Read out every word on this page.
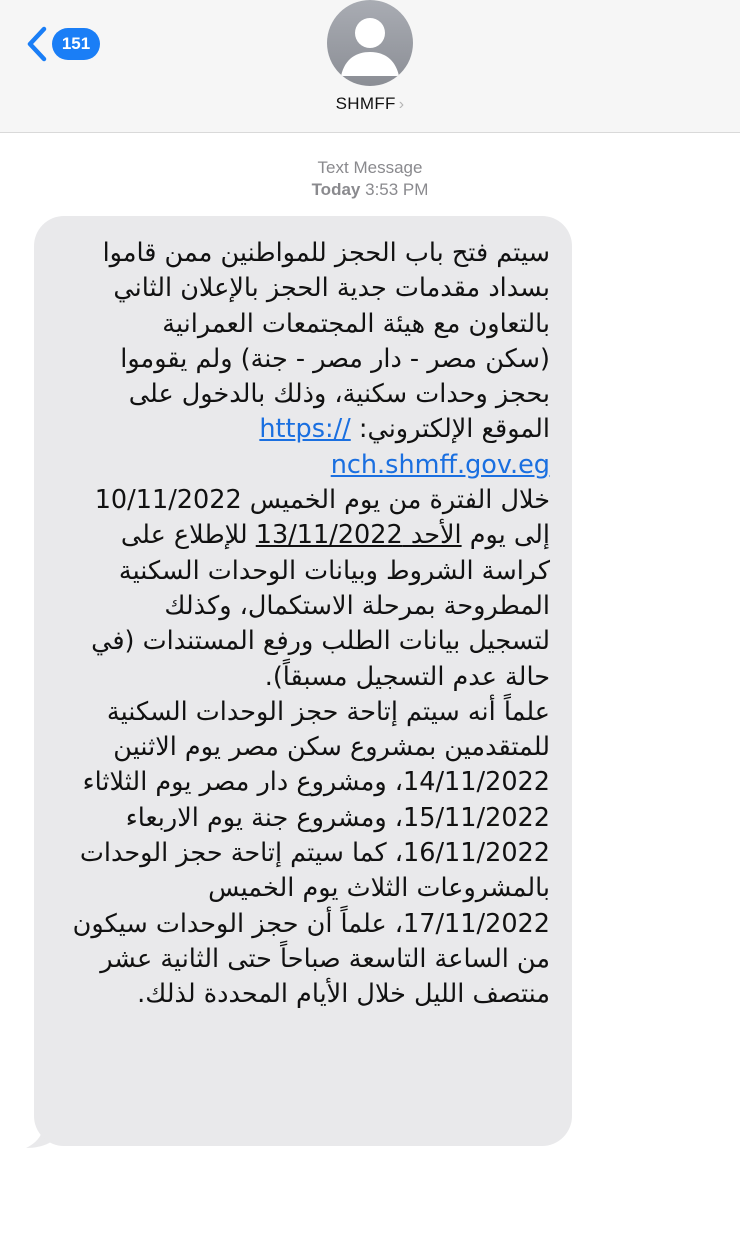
151
SHMFF ›
Text Message
Today 3:53 PM
سيتم فتح باب الحجز للمواطنين ممن قاموا
بسداد مقدمات جدية الحجز بالإعلان الثاني
بالتعاون مع هيئة المجتمعات العمرانية
(سكن مصر - دار مصر - جنة) ولم يقوموا
بحجز وحدات سكنية، وذلك بالدخول على
الموقع الإلكتروني: https://
nch.shmff.gov.eg
خلال الفترة من يوم الخميس 10/11/2022
إلى يوم الأحد 13/11/2022 للإطلاع على
كراسة الشروط وبيانات الوحدات السكنية
المطروحة بمرحلة الاستكمال، وكذلك
لتسجيل بيانات الطلب ورفع المستندات (في
حالة عدم التسجيل مسبقاً).
علماً أنه سيتم إتاحة حجز الوحدات السكنية
للمتقدمين بمشروع سكن مصر يوم الاثنين
14/11/2022، ومشروع دار مصر يوم الثلاثاء
15/11/2022، ومشروع جنة يوم الاربعاء
16/11/2022، كما سيتم إتاحة حجز الوحدات
بالمشروعات الثلاث يوم الخميس
17/11/2022، علماً أن حجز الوحدات سيكون
من الساعة التاسعة صباحاً حتى الثانية عشر
منتصف الليل خلال الأيام المحددة لذلك.
